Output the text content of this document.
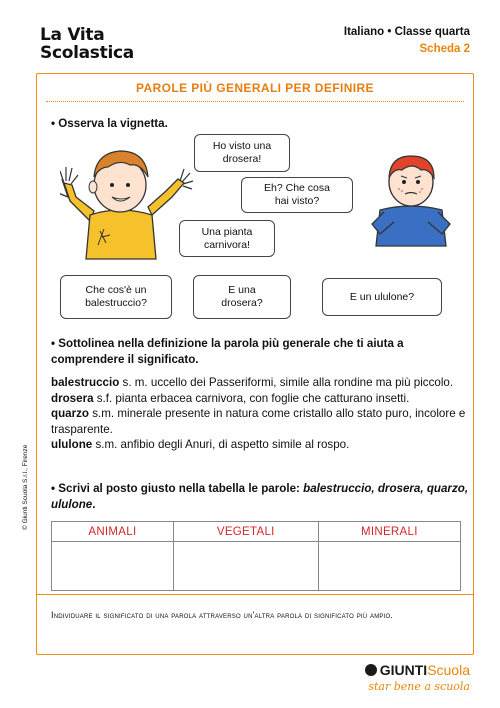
La Vita
Scolastica
Italiano • Classe quarta
Scheda 2
PAROLE PIÙ GENERALI PER DEFINIRE
• Osserva la vignetta.
Ho visto una drosera!
Eh? Che cosa hai visto?
Una pianta carnivora!
Che cos'è un balestruccio?
E una drosera?
E un ululone?
• Sottolinea nella definizione la parola più generale che ti aiuta a comprendere il significato.
balestruccio s. m. uccello dei Passeriformi, simile alla rondine ma più piccolo.
drosera s.f. pianta erbacea carnivora, con foglie che catturano insetti.
quarzo s.m. minerale presente in natura come cristallo allo stato puro, incolore e trasparente.
ululone s.m. anfibio degli Anuri, di aspetto simile al rospo.
• Scrivi al posto giusto nella tabella le parole: balestruccio, drosera, quarzo, ululone.
ANIMALI	VEGETALI	MINERALI

Individuare il significato di una parola attraverso un'altra parola di significato più ampio.
© Giunti Scuola S.r.l., Firenze
GIUNTIScuola
star bene a scuola
